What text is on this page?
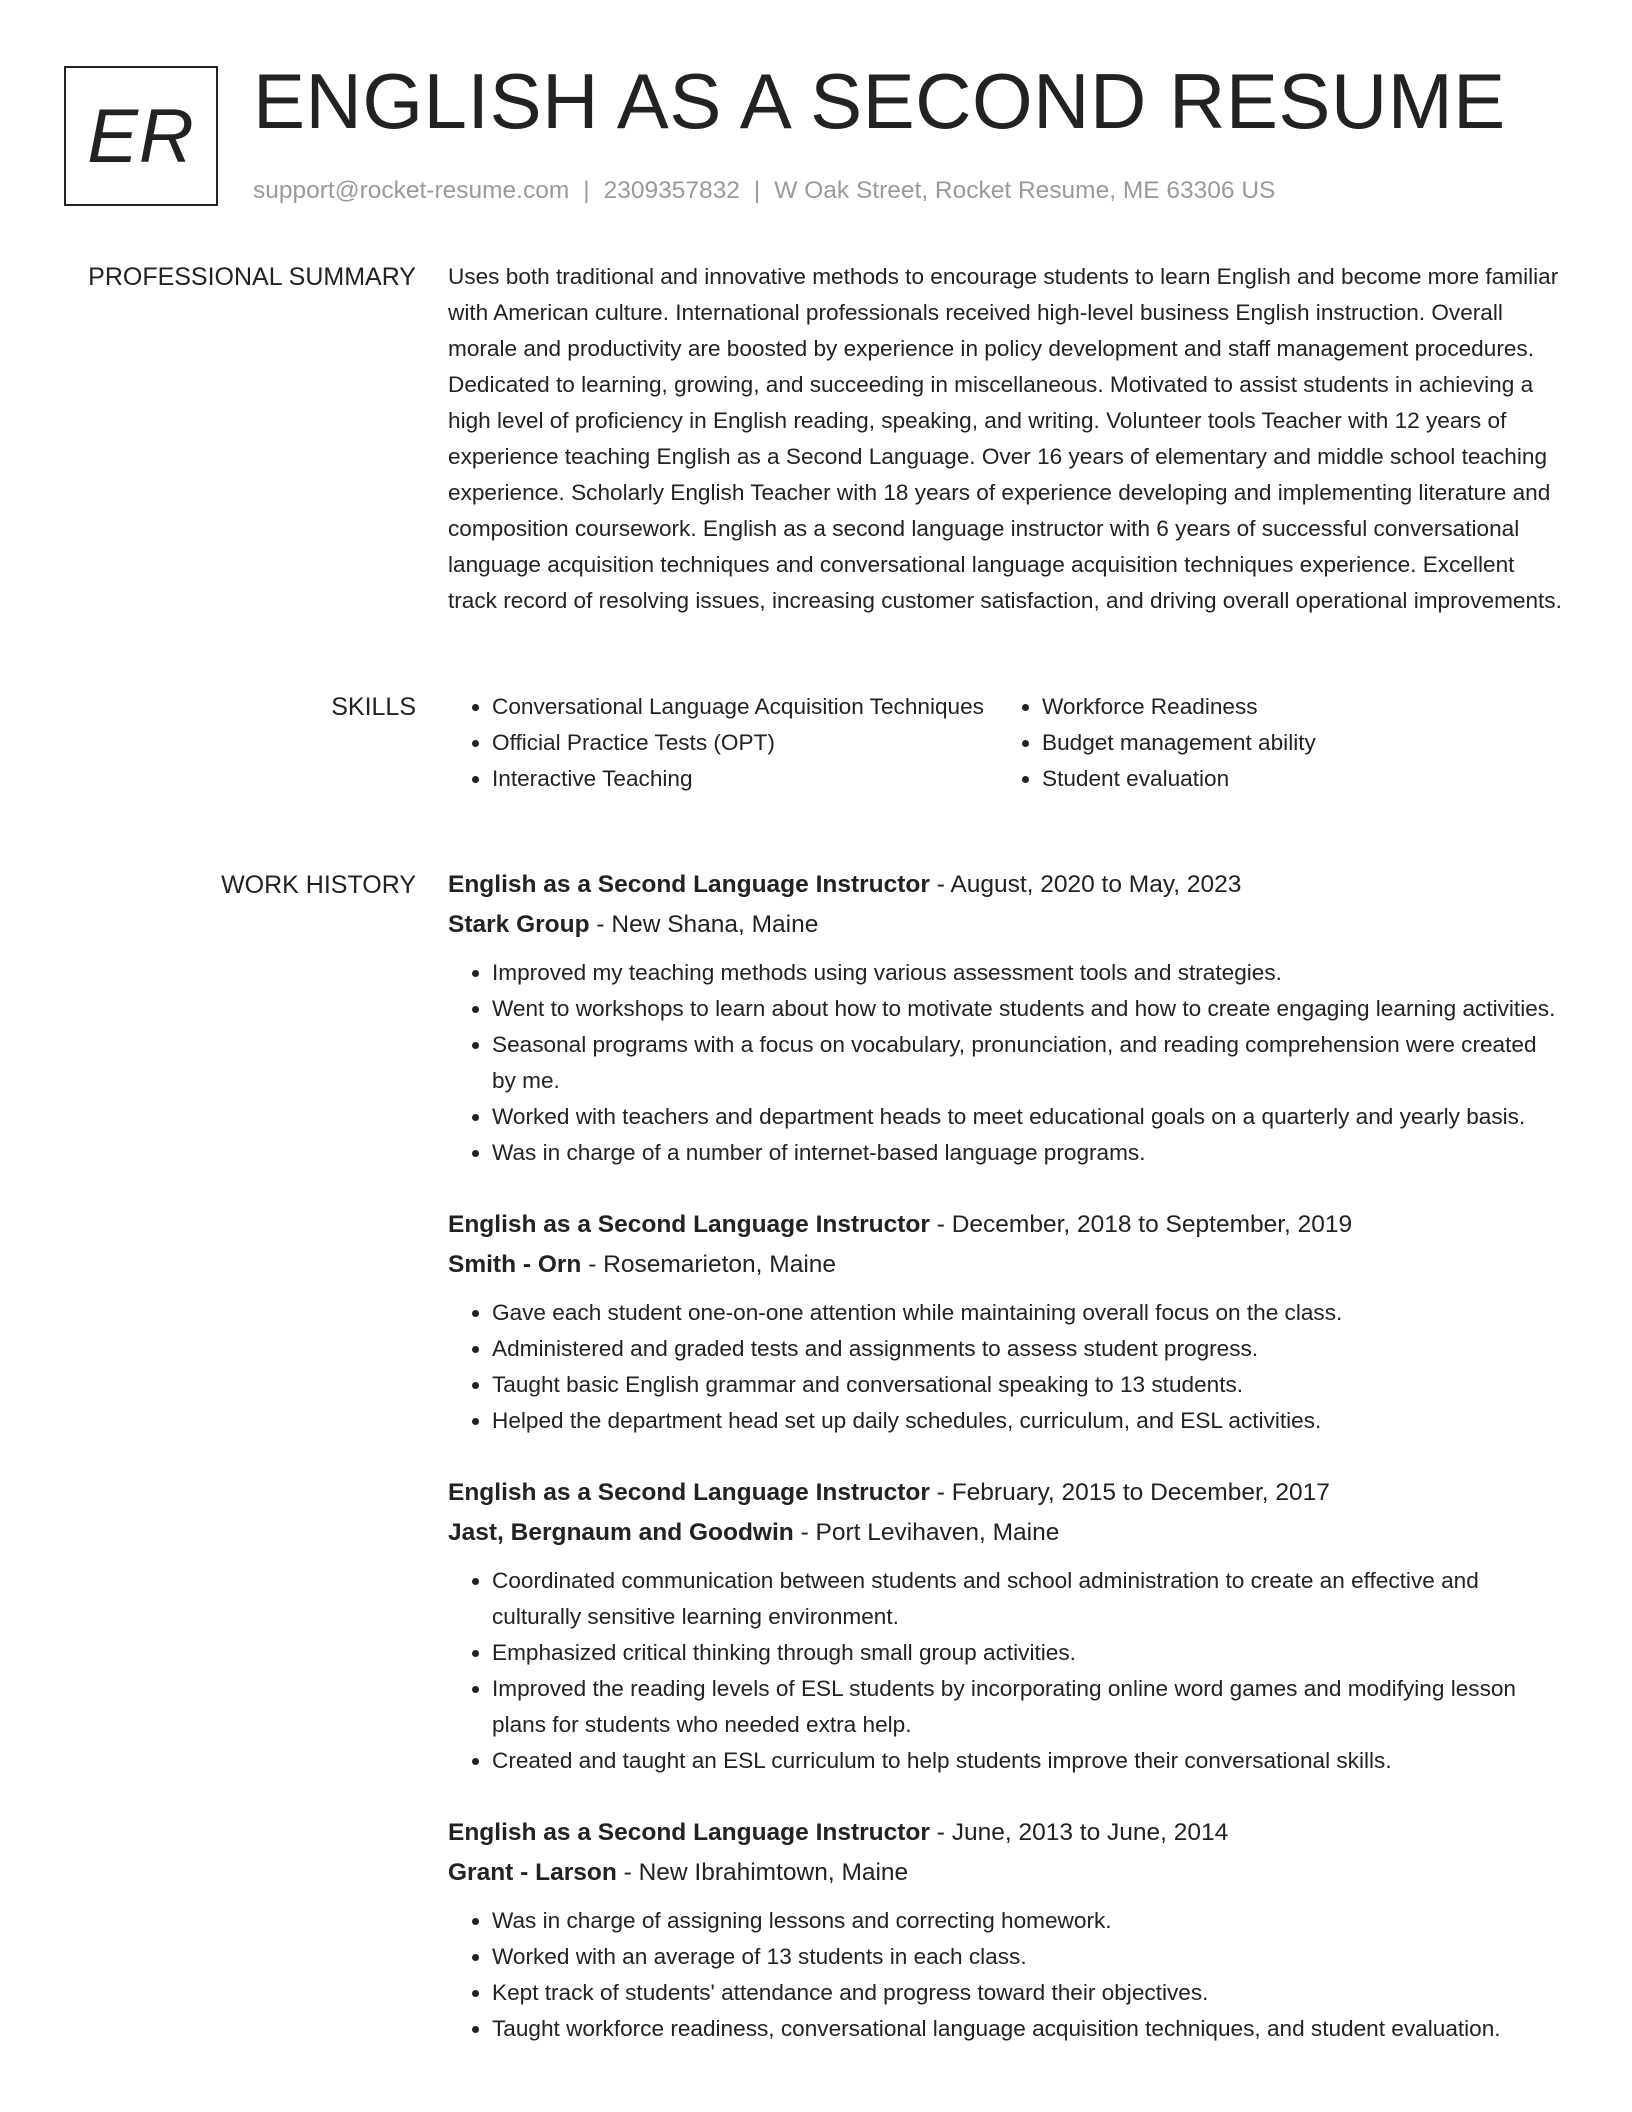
ER ENGLISH AS A SECOND RESUME
support@rocket-resume.com | 2309357832 | W Oak Street, Rocket Resume, ME 63306 US
PROFESSIONAL SUMMARY Uses both traditional and innovative methods to encourage students to learn English and become more familiar with American culture. International professionals received high-level business English instruction. Overall morale and productivity are boosted by experience in policy development and staff management procedures. Dedicated to learning, growing, and succeeding in miscellaneous. Motivated to assist students in achieving a high level of proficiency in English reading, speaking, and writing. Volunteer tools Teacher with 12 years of experience teaching English as a Second Language. Over 16 years of elementary and middle school teaching experience. Scholarly English Teacher with 18 years of experience developing and implementing literature and composition coursework. English as a second language instructor with 6 years of successful conversational language acquisition techniques and conversational language acquisition techniques experience. Excellent track record of resolving issues, increasing customer satisfaction, and driving overall operational improvements.

SKILLS
•	Conversational Language Acquisition Techniques
• Official Practice Tests (OPT)
• Interactive Teaching
• Workforce Readiness
• Budget management ability
• Student evaluation
WORK HISTORY English as a Second Language Instructor - August, 2020 to May, 2023
Stark Group - New Shana, Maine
• Improved my teaching methods using various assessment tools and strategies.
• Went to workshops to learn about how to motivate students and how to create engaging learning activities.
• Seasonal programs with a focus on vocabulary, pronunciation, and reading comprehension were created by me.
• Worked with teachers and department heads to meet educational goals on a quarterly and yearly basis.
• Was in charge of a number of internet-based language programs.
English as a Second Language Instructor - December, 2018 to September, 2019
Smith - Orn - Rosemarieton, Maine
• Gave each student one-on-one attention while maintaining overall focus on the class.
• Administered and graded tests and assignments to assess student progress.
• Taught basic English grammar and conversational speaking to 13 students.
• Helped the department head set up daily schedules, curriculum, and ESL activities.
English as a Second Language Instructor - February, 2015 to December, 2017
Jast, Bergnaum and Goodwin - Port Levihaven, Maine
• Coordinated communication between students and school administration to create an effective and culturally sensitive learning environment.
• Emphasized critical thinking through small group activities.
• Improved the reading levels of ESL students by incorporating online word games and modifying lesson plans for students who needed extra help.
• Created and taught an ESL curriculum to help students improve their conversational skills.
English as a Second Language Instructor - June, 2013 to June, 2014
Grant - Larson - New Ibrahimtown, Maine
• Was in charge of assigning lessons and correcting homework.
• Worked with an average of 13 students in each class.
• Kept track of students' attendance and progress toward their objectives.
• Taught workforce readiness, conversational language acquisition techniques, and student evaluation.
